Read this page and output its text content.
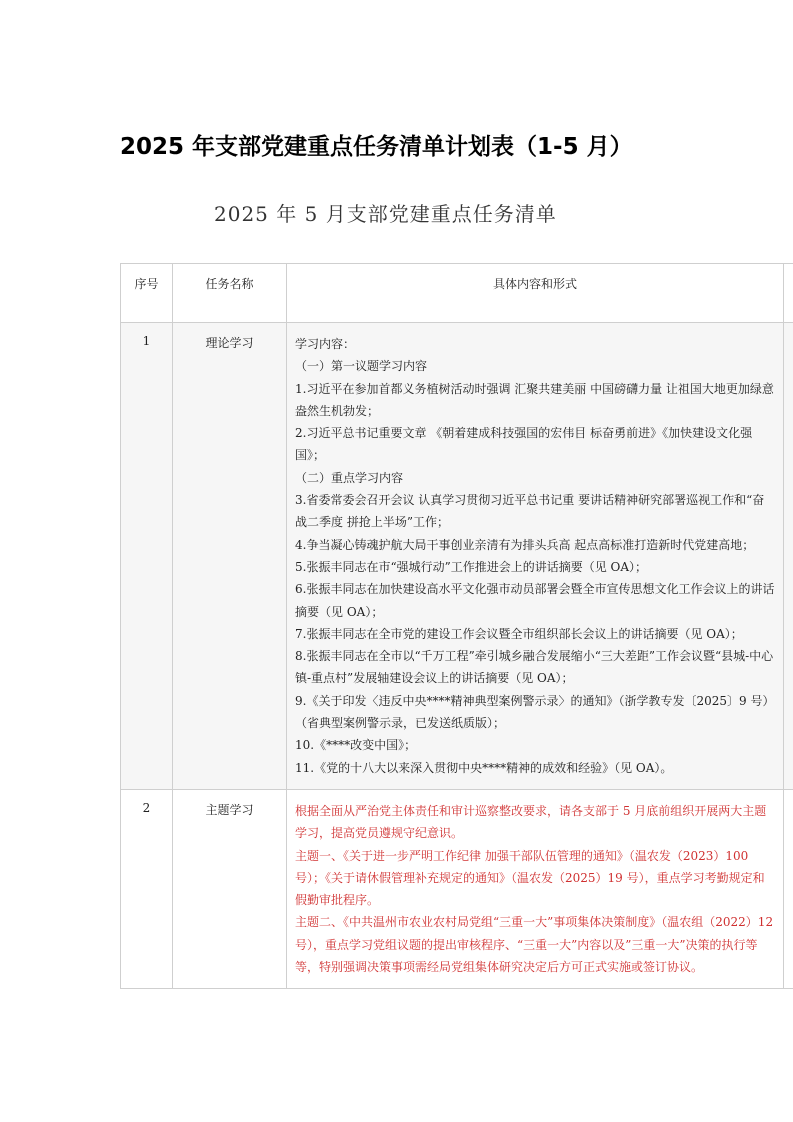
2025 年支部党建重点任务清单计划表（1-5 月）
2025 年 5 月支部党建重点任务清单
序号	任务名称	具体内容和形式
1	理论学习	学习内容：
（一）第一议题学习内容
1.习近平在参加首都义务植树活动时强调 汇聚共建美丽 中国磅礴力量 让祖国大地更加绿意盎然生机勃发；
2.习近平总书记重要文章 《朝着建成科技强国的宏伟目 标奋勇前进》《加快建设文化强国》；
（二）重点学习内容
3.省委常委会召开会议 认真学习贯彻习近平总书记重 要讲话精神研究部署巡视工作和“奋战二季度 拼抢上半场”工作；
4.争当凝心铸魂护航大局干事创业亲清有为排头兵高 起点高标准打造新时代党建高地；
5.张振丰同志在市“强城行动”工作推进会上的讲话摘要（见 OA）；
6.张振丰同志在加快建设高水平文化强市动员部署会暨全市宣传思想文化工作会议上的讲话摘要（见 OA）；
7.张振丰同志在全市党的建设工作会议暨全市组织部长会议上的讲话摘要（见 OA）；
8.张振丰同志在全市以“千万工程”牵引城乡融合发展缩小“三大差距”工作会议暨“县城-中心镇-重点村”发展轴建设会议上的讲话摘要（见 OA）；
9.《关于印发〈违反中央****精神典型案例警示录〉的通知》（浙学教专发〔2025〕9 号）（省典型案例警示录，已发送纸质版）；
10.《****改变中国》；
11.《党的十八大以来深入贯彻中央****精神的成效和经验》（见 OA）。
2	主题学习	根据全面从严治党主体责任和审计巡察整改要求，请各支部于 5 月底前组织开展两大主题学习，提高党员遵规守纪意识。
主题一、《关于进一步严明工作纪律 加强干部队伍管理的通知》（温农发（2023）100 号）；《关于请休假管理补充规定的通知》（温农发（2025）19 号），重点学习考勤规定和假勤审批程序。
主题二、《中共温州市农业农村局党组“三重一大”事项集体决策制度》（温农组（2022）12 号），重点学习党组议题的提出审核程序、“三重一大”内容以及”三重一大”决策的执行等等，特别强调决策事项需经局党组集体研究决定后方可正式实施或签订协议。
